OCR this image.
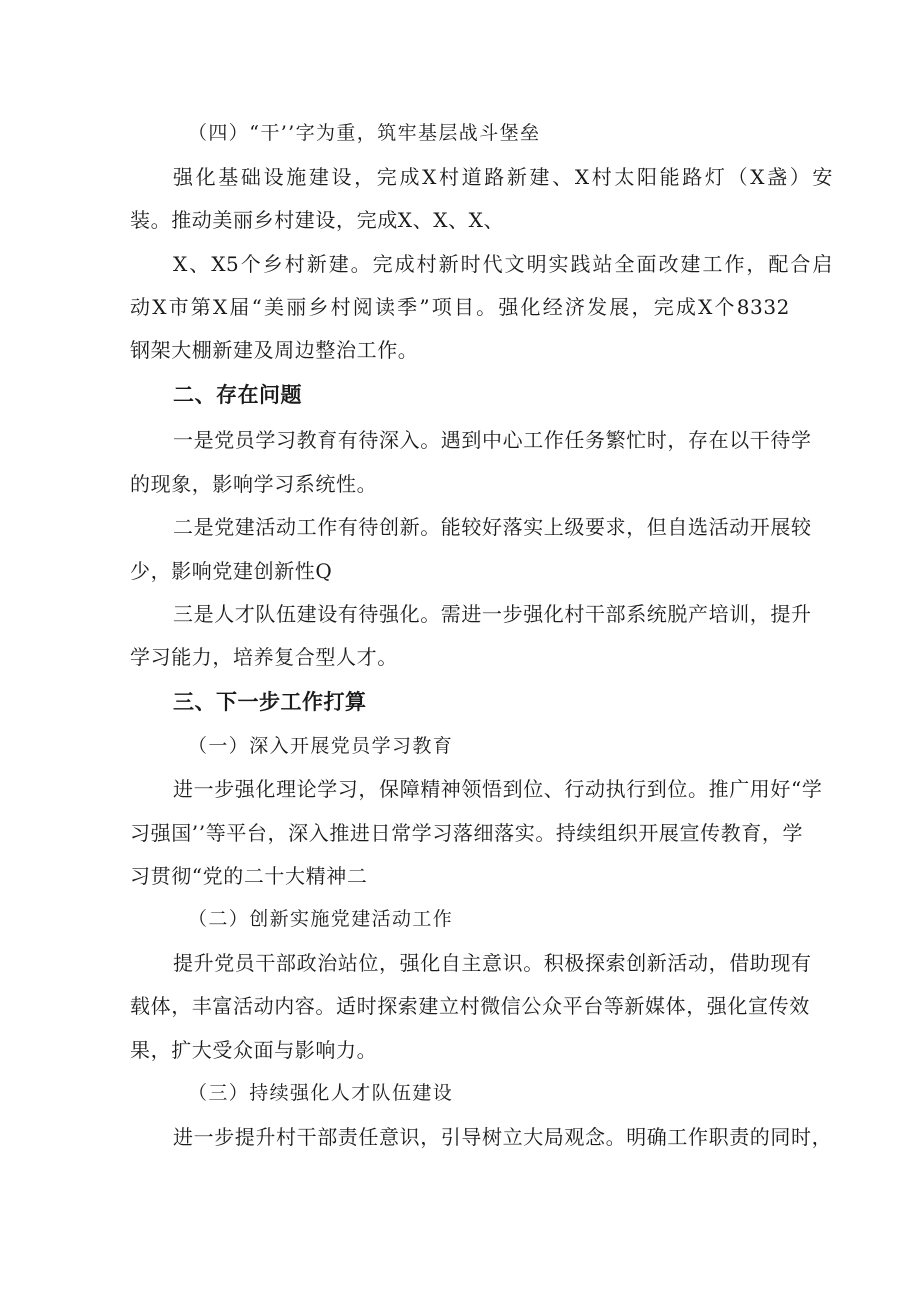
（四）“干’’字为重，筑牢基层战斗堡垒
强化基础设施建设，完成X村道路新建、X村太阳能路灯（X盏）安
装。推动美丽乡村建设，完成X、X、X、
X、X5个乡村新建。完成村新时代文明实践站全面改建工作，配合启
动X市第X届“美丽乡村阅读季”项目。强化经济发展，完成X个8332
钢架大棚新建及周边整治工作。
二、存在问题
一是党员学习教育有待深入。遇到中心工作任务繁忙时，存在以干待学
的现象，影响学习系统性。
二是党建活动工作有待创新。能较好落实上级要求，但自选活动开展较
少，影响党建创新性Q
三是人才队伍建设有待强化。需进一步强化村干部系统脱产培训，提升
学习能力，培养复合型人才。
三、下一步工作打算
（一）深入开展党员学习教育
进一步强化理论学习，保障精神领悟到位、行动执行到位。推广用好“学
习强国’’等平台，深入推进日常学习落细落实。持续组织开展宣传教育，学
习贯彻“党的二十大精神二
（二）创新实施党建活动工作
提升党员干部政治站位，强化自主意识。积极探索创新活动，借助现有
载体，丰富活动内容。适时探索建立村微信公众平台等新媒体，强化宣传效
果，扩大受众面与影响力。
（三）持续强化人才队伍建设
进一步提升村干部责任意识，引导树立大局观念。明确工作职责的同时，
